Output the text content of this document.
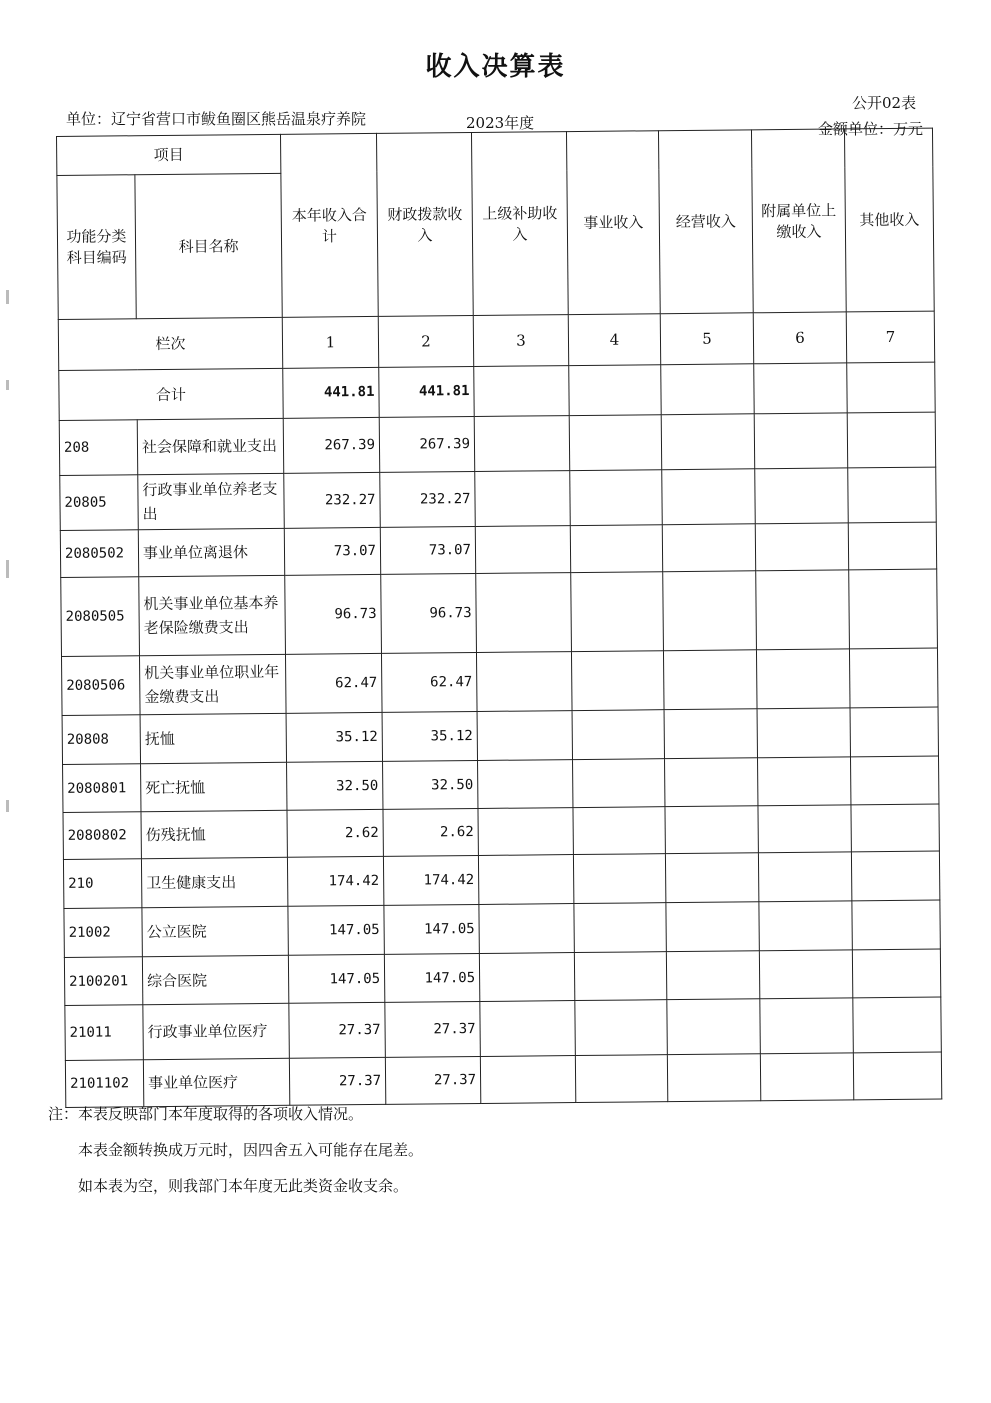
收入决算表
公开02表
单位：辽宁省营口市鲅鱼圈区熊岳温泉疗养院	2023年度	金额单位：万元
项目		本年收入合计	财政拨款收入	上级补助收入	事业收入	经营收入	附属单位上缴收入	其他收入
功能分类科目编码	科目名称							
栏次		1	2	3	4	5	6	7
合计		441.81	441.81					
208	社会保障和就业支出	267.39	267.39					
20805	行政事业单位养老支出	232.27	232.27					
2080502	事业单位离退休	73.07	73.07					
2080505	机关事业单位基本养老保险缴费支出	96.73	96.73					
2080506	机关事业单位职业年金缴费支出	62.47	62.47					
20808	抚恤	35.12	35.12					
2080801	死亡抚恤	32.50	32.50					
2080802	伤残抚恤	2.62	2.62					
210	卫生健康支出	174.42	174.42					
21002	公立医院	147.05	147.05					
2100201	综合医院	147.05	147.05					
21011	行政事业单位医疗	27.37	27.37					
2101102	事业单位医疗	27.37	27.37					
注：本表反映部门本年度取得的各项收入情况。
本表金额转换成万元时，因四舍五入可能存在尾差。
如本表为空，则我部门本年度无此类资金收支余。
